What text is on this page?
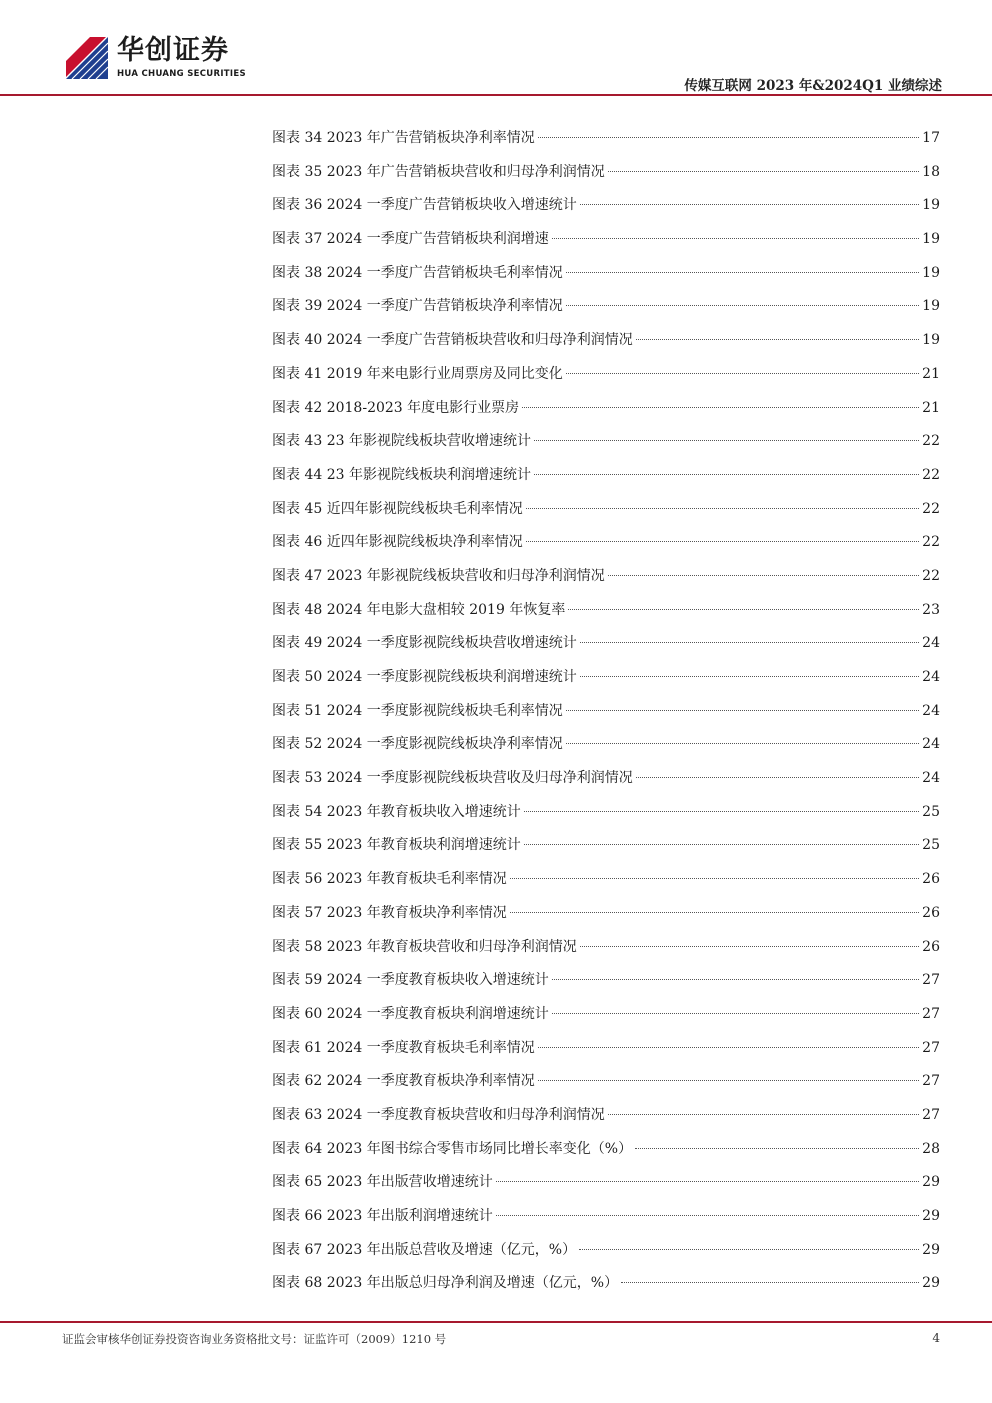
华创证券
HUA CHUANG SECURITIES
传媒互联网 2023 年&2024Q1 业绩综述
图表 34 2023 年广告营销板块净利率情况	17
图表 35 2023 年广告营销板块营收和归母净利润情况	18
图表 36 2024 一季度广告营销板块收入增速统计	19
图表 37 2024 一季度广告营销板块利润增速	19
图表 38 2024 一季度广告营销板块毛利率情况	19
图表 39 2024 一季度广告营销板块净利率情况	19
图表 40 2024 一季度广告营销板块营收和归母净利润情况	19
图表 41 2019 年来电影行业周票房及同比变化	21
图表 42 2018-2023 年度电影行业票房	21
图表 43 23 年影视院线板块营收增速统计	22
图表 44 23 年影视院线板块利润增速统计	22
图表 45 近四年影视院线板块毛利率情况	22
图表 46 近四年影视院线板块净利率情况	22
图表 47 2023 年影视院线板块营收和归母净利润情况	22
图表 48 2024 年电影大盘相较 2019 年恢复率	23
图表 49 2024 一季度影视院线板块营收增速统计	24
图表 50 2024 一季度影视院线板块利润增速统计	24
图表 51 2024 一季度影视院线板块毛利率情况	24
图表 52 2024 一季度影视院线板块净利率情况	24
图表 53 2024 一季度影视院线板块营收及归母净利润情况	24
图表 54 2023 年教育板块收入增速统计	25
图表 55 2023 年教育板块利润增速统计	25
图表 56 2023 年教育板块毛利率情况	26
图表 57 2023 年教育板块净利率情况	26
图表 58 2023 年教育板块营收和归母净利润情况	26
图表 59 2024 一季度教育板块收入增速统计	27
图表 60 2024 一季度教育板块利润增速统计	27
图表 61 2024 一季度教育板块毛利率情况	27
图表 62 2024 一季度教育板块净利率情况	27
图表 63 2024 一季度教育板块营收和归母净利润情况	27
图表 64 2023 年图书综合零售市场同比增长率变化（%）	28
图表 65 2023 年出版营收增速统计	29
图表 66 2023 年出版利润增速统计	29
图表 67 2023 年出版总营收及增速（亿元，%）	29
图表 68 2023 年出版总归母净利润及增速（亿元，%）	29
证监会审核华创证券投资咨询业务资格批文号：证监许可（2009）1210 号	4
